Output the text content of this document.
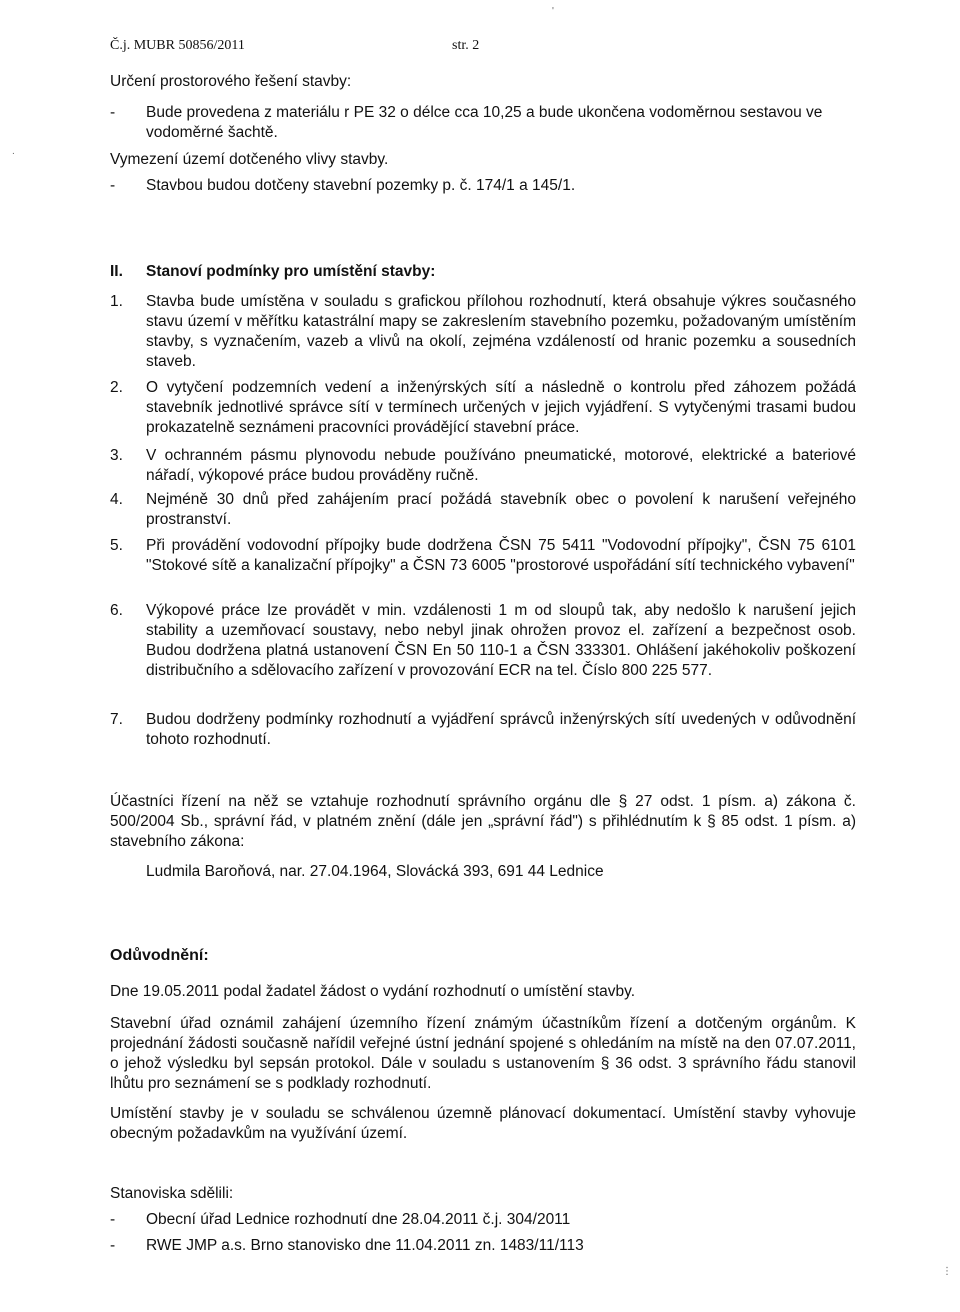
Č.j. MUBR 50856/2011	str. 2
Určení prostorového řešení stavby:
- Bude provedena z materiálu r PE 32 o délce cca 10,25 a bude ukončena vodoměrnou sestavou ve vodoměrné šachtě.
Vymezení území dotčeného vlivy stavby.
- Stavbou budou dotčeny stavební pozemky p. č. 174/1 a 145/1.
II. Stanoví podmínky pro umístění stavby:
1. Stavba bude umístěna v souladu s grafickou přílohou rozhodnutí, která obsahuje výkres současného stavu území v měřítku katastrální mapy se zakreslením stavebního pozemku, požadovaným umístěním stavby, s vyznačením, vazeb a vlivů na okolí, zejména vzdáleností od hranic pozemku a sousedních staveb.
2. O vytyčení podzemních vedení a inženýrských sítí a následně o kontrolu před záhozem požádá stavebník jednotlivé správce sítí v termínech určených v jejich vyjádření. S vytyčenými trasami budou prokazatelně seznámeni pracovníci provádějící stavební práce.
3. V ochranném pásmu plynovodu nebude používáno pneumatické, motorové, elektrické a bateriové nářadí, výkopové práce budou prováděny ručně.
4. Nejméně 30 dnů před zahájením prací požádá stavebník obec o povolení k narušení veřejného prostranství.
5. Při provádění vodovodní přípojky bude dodržena ČSN 75 5411 "Vodovodní přípojky", ČSN 75 6101 "Stokové sítě a kanalizační přípojky" a ČSN 73 6005 "prostorové uspořádání sítí technického vybavení"
6. Výkopové práce lze provádět v min. vzdálenosti 1 m od sloupů tak, aby nedošlo k narušení jejich stability a uzemňovací soustavy, nebo nebyl jinak ohrožen provoz el. zařízení a bezpečnost osob. Budou dodržena platná ustanovení ČSN En 50 110-1 a ČSN 333301. Ohlášení jakéhokoliv poškození distribučního a sdělovacího zařízení v provozování ECR na tel. Číslo 800 225 577.
7. Budou dodrženy podmínky rozhodnutí a vyjádření správců inženýrských sítí uvedených v odůvodnění tohoto rozhodnutí.
Účastníci řízení na něž se vztahuje rozhodnutí správního orgánu dle § 27 odst. 1 písm. a) zákona č. 500/2004 Sb., správní řád, v platném znění (dále jen „správní řád") s přihlédnutím k § 85 odst. 1 písm. a) stavebního zákona:
Ludmila Baroňová, nar. 27.04.1964, Slovácká 393, 691 44 Lednice
Odůvodnění:
Dne 19.05.2011 podal žadatel žádost o vydání rozhodnutí o umístění stavby.
Stavební úřad oznámil zahájení územního řízení známým účastníkům řízení a dotčeným orgánům. K projednání žádosti současně nařídil veřejné ústní jednání spojené s ohledáním na místě na den 07.07.2011, o jehož výsledku byl sepsán protokol. Dále v souladu s ustanovením § 36 odst. 3 správního řádu stanovil lhůtu pro seznámení se s podklady rozhodnutí.
Umístění stavby je v souladu se schválenou územně plánovací dokumentací. Umístění stavby vyhovuje obecným požadavkům na využívání území.
Stanoviska sdělili:
- Obecní úřad Lednice rozhodnutí dne 28.04.2011 č.j. 304/2011
- RWE JMP a.s. Brno stanovisko dne 11.04.2011 zn. 1483/11/113
'
.
⋮
